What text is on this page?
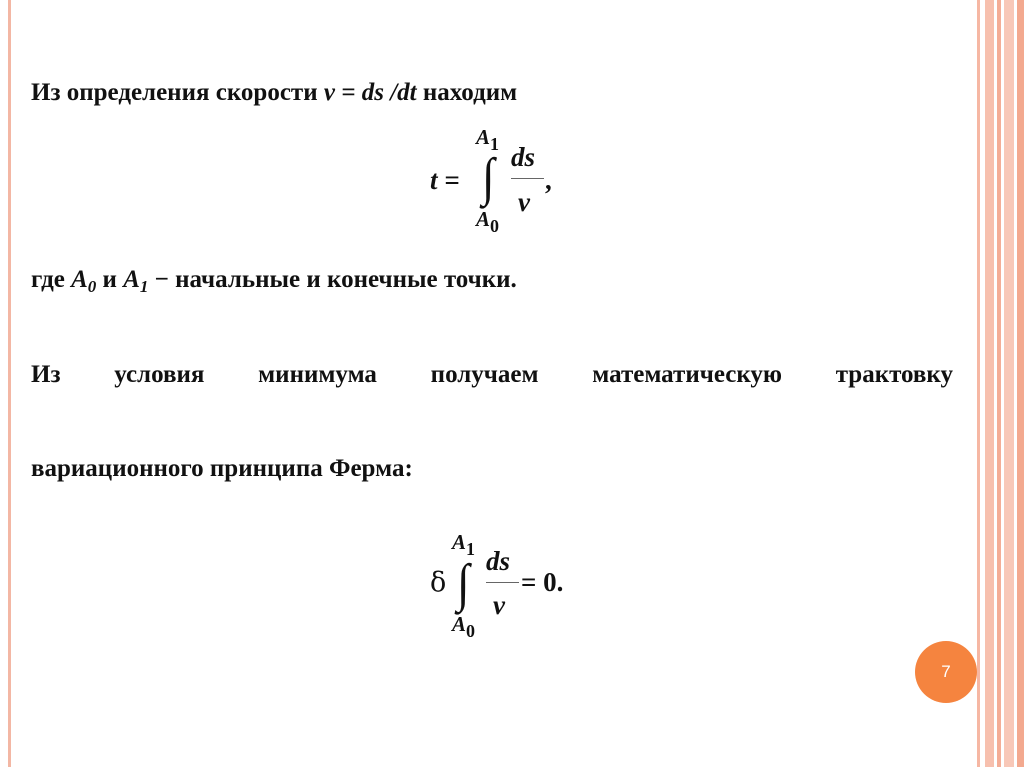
Из определения скорости v = ds /dt находим
t =
$A_1$
∫
$A_0$
ds
v
,
где $A_0$ и $A_1$ − начальные и конечные точки.
Из условия минимума получаем математическую трактовку
вариационного принципа Ферма:
δ
$A_1$
∫
$A_0$
ds
v
= 0.
7
